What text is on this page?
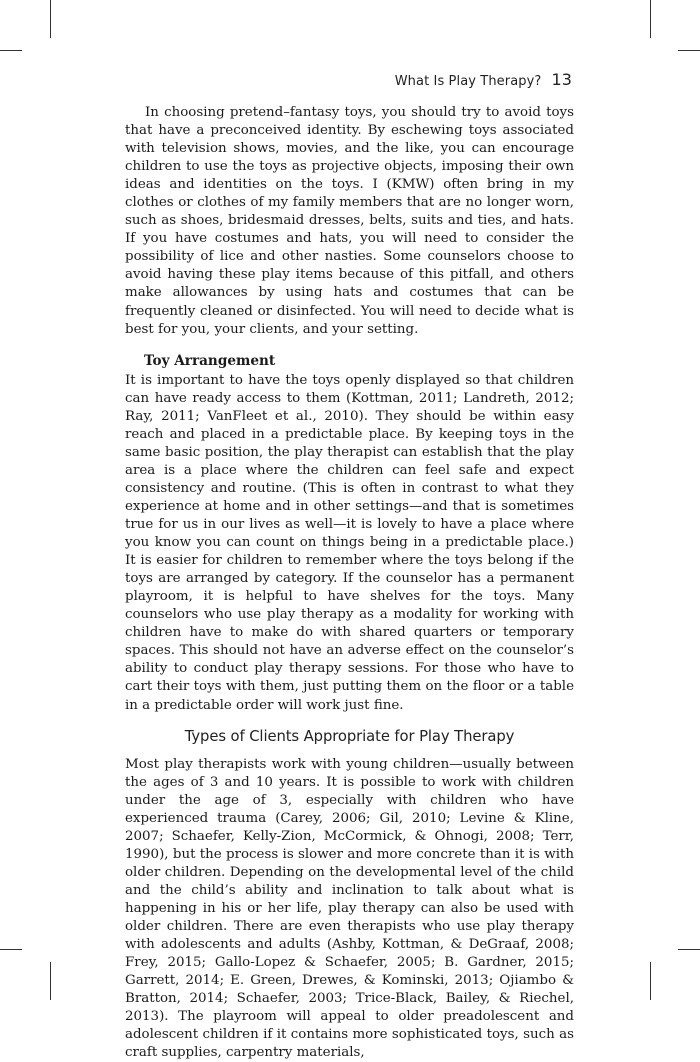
What Is Play Therapy? 13

In choosing pretend–fantasy toys, you should try to avoid toys that have a preconceived identity. By eschewing toys associated with television shows, movies, and the like, you can encourage children to use the toys as projective objects, imposing their own ideas and identities on the toys. I (KMW) often bring in my clothes or clothes of my family members that are no longer worn, such as shoes, bridesmaid dresses, belts, suits and ties, and hats. If you have costumes and hats, you will need to consider the possibility of lice and other nasties. Some counselors choose to avoid having these play items because of this pitfall, and others make allowances by using hats and costumes that can be frequently cleaned or disinfected. You will need to decide what is best for you, your clients, and your setting.

Toy Arrangement

It is important to have the toys openly displayed so that children can have ready access to them (Kottman, 2011; Landreth, 2012; Ray, 2011; VanFleet et al., 2010). They should be within easy reach and placed in a predictable place. By keeping toys in the same basic position, the play therapist can establish that the play area is a place where the children can feel safe and expect consistency and routine. (This is often in contrast to what they experience at home and in other settings—and that is sometimes true for us in our lives as well—it is lovely to have a place where you know you can count on things being in a predictable place.) It is easier for children to remember where the toys belong if the toys are arranged by category. If the counselor has a permanent playroom, it is helpful to have shelves for the toys. Many counselors who use play therapy as a modality for working with children have to make do with shared quarters or temporary spaces. This should not have an adverse effect on the counselor’s ability to conduct play therapy sessions. For those who have to cart their toys with them, just putting them on the floor or a table in a predictable order will work just fine.

Types of Clients Appropriate for Play Therapy

Most play therapists work with young children—usually between the ages of 3 and 10 years. It is possible to work with children under the age of 3, especially with children who have experienced trauma (Carey, 2006; Gil, 2010; Levine & Kline, 2007; Schaefer, Kelly-Zion, McCormick, & Ohnogi, 2008; Terr, 1990), but the process is slower and more concrete than it is with older children. Depending on the developmental level of the child and the child’s ability and inclination to talk about what is happening in his or her life, play therapy can also be used with older children. There are even therapists who use play therapy with adolescents and adults (Ashby, Kottman, & DeGraaf, 2008; Frey, 2015; Gallo-Lopez & Schaefer, 2005; B. Gardner, 2015; Garrett, 2014; E. Green, Drewes, & Kominski, 2013; Ojiambo & Bratton, 2014; Schaefer, 2003; Trice-Black, Bailey, & Riechel, 2013). The playroom will appeal to older preadolescent and adolescent children if it contains more sophisticated toys, such as craft supplies, carpentry materials,
